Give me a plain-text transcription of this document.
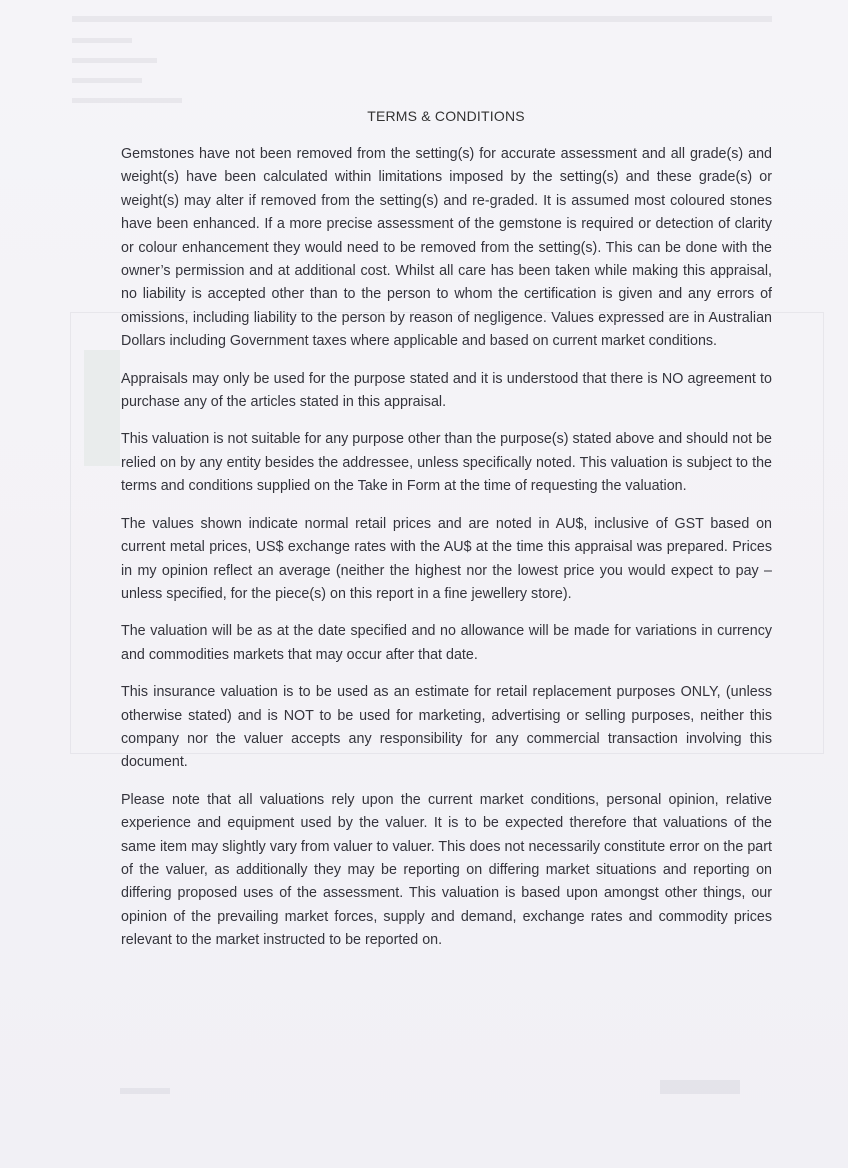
TERMS & CONDITIONS

Gemstones have not been removed from the setting(s) for accurate assessment and all grade(s) and weight(s) have been calculated within limitations imposed by the setting(s) and these grade(s) or weight(s) may alter if removed from the setting(s) and re-graded. It is assumed most coloured stones have been enhanced. If a more precise assessment of the gemstone is required or detection of clarity or colour enhancement they would need to be removed from the setting(s). This can be done with the owner’s permission and at additional cost. Whilst all care has been taken while making this appraisal, no liability is accepted other than to the person to whom the certification is given and any errors of omissions, including liability to the person by reason of negligence. Values expressed are in Australian Dollars including Government taxes where applicable and based on current market conditions.

Appraisals may only be used for the purpose stated and it is understood that there is NO agreement to purchase any of the articles stated in this appraisal.

This valuation is not suitable for any purpose other than the purpose(s) stated above and should not be relied on by any entity besides the addressee, unless specifically noted. This valuation is subject to the terms and conditions supplied on the Take in Form at the time of requesting the valuation.

The values shown indicate normal retail prices and are noted in AU$, inclusive of GST based on current metal prices, US$ exchange rates with the AU$ at the time this appraisal was prepared. Prices in my opinion reflect an average (neither the highest nor the lowest price you would expect to pay – unless specified, for the piece(s) on this report in a fine jewellery store).

The valuation will be as at the date specified and no allowance will be made for variations in currency and commodities markets that may occur after that date.

This insurance valuation is to be used as an estimate for retail replacement purposes ONLY, (unless otherwise stated) and is NOT to be used for marketing, advertising or selling purposes, neither this company nor the valuer accepts any responsibility for any commercial transaction involving this document.

Please note that all valuations rely upon the current market conditions, personal opinion, relative experience and equipment used by the valuer. It is to be expected therefore that valuations of the same item may slightly vary from valuer to valuer. This does not necessarily constitute error on the part of the valuer, as additionally they may be reporting on differing market situations and reporting on differing proposed uses of the assessment. This valuation is based upon amongst other things, our opinion of the prevailing market forces, supply and demand, exchange rates and commodity prices relevant to the market instructed to be reported on.
